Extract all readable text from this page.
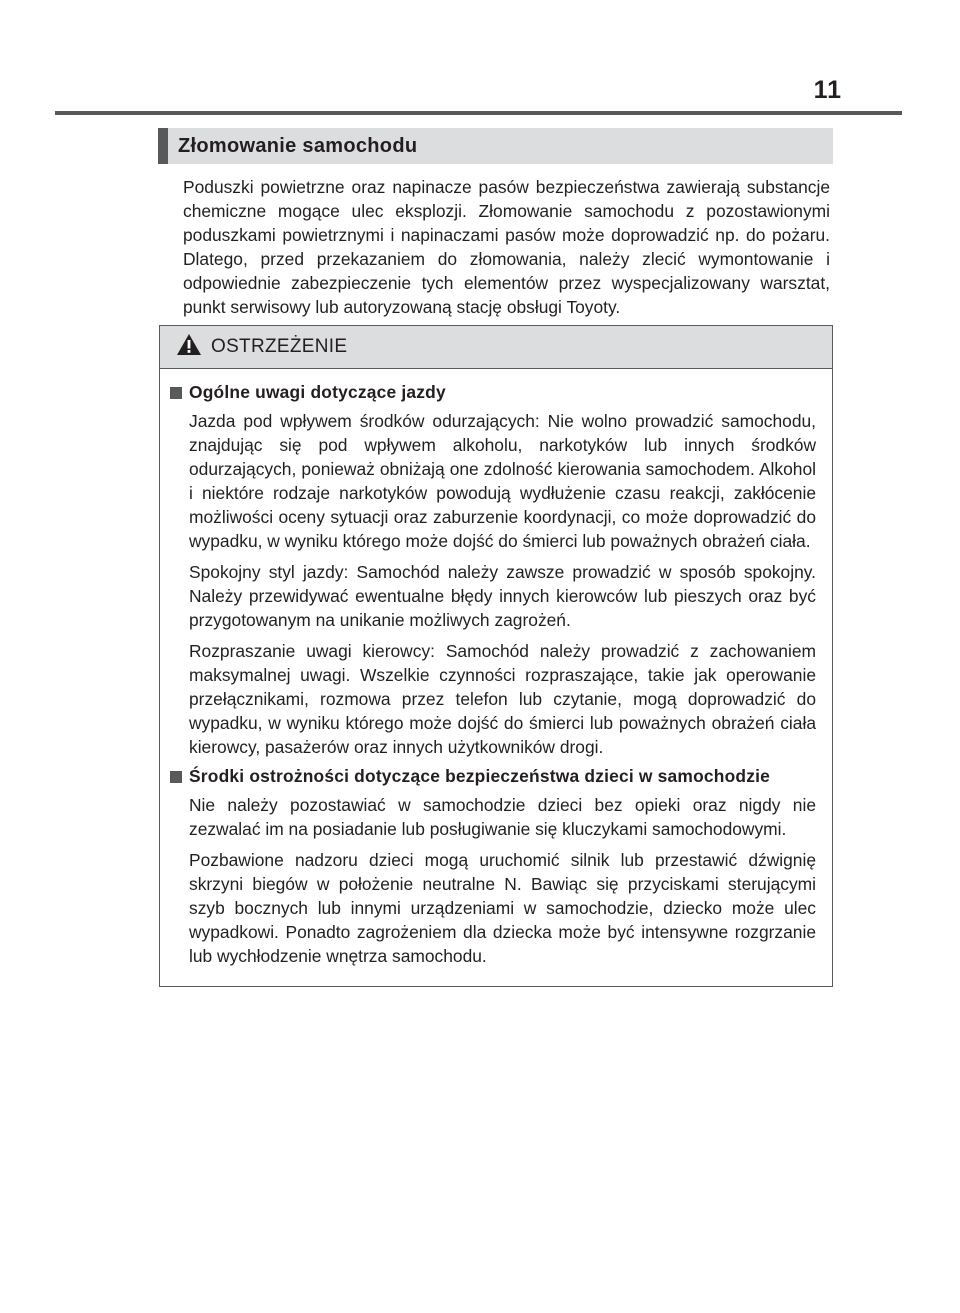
11
Złomowanie samochodu

Poduszki powietrzne oraz napinacze pasów bezpieczeństwa zawierają substancje chemiczne mogące ulec eksplozji. Złomowanie samochodu z pozostawionymi poduszkami powietrznymi i napinaczami pasów może doprowadzić np. do pożaru. Dlatego, przed przekazaniem do złomowania, należy zlecić wymontowanie i odpowiednie zabezpieczenie tych elementów przez wyspecjalizowany warsztat, punkt serwisowy lub autoryzowaną stację obsługi Toyoty.

OSTRZEŻENIE
Ogólne uwagi dotyczące jazdy

Jazda pod wpływem środków odurzających: Nie wolno prowadzić samochodu, znajdując się pod wpływem alkoholu, narkotyków lub innych środków odurzających, ponieważ obniżają one zdolność kierowania samochodem. Alkohol i niektóre rodzaje narkotyków powodują wydłużenie czasu reakcji, zakłócenie możliwości oceny sytuacji oraz zaburzenie koordynacji, co może doprowadzić do wypadku, w wyniku którego może dojść do śmierci lub poważnych obrażeń ciała.

Spokojny styl jazdy: Samochód należy zawsze prowadzić w sposób spokojny. Należy przewidywać ewentualne błędy innych kierowców lub pieszych oraz być przygotowanym na unikanie możliwych zagrożeń.

Rozpraszanie uwagi kierowcy: Samochód należy prowadzić z zachowaniem maksymalnej uwagi. Wszelkie czynności rozpraszające, takie jak operowanie przełącznikami, rozmowa przez telefon lub czytanie, mogą doprowadzić do wypadku, w wyniku którego może dojść do śmierci lub poważnych obrażeń ciała kierowcy, pasażerów oraz innych użytkowników drogi.

Środki ostrożności dotyczące bezpieczeństwa dzieci w samochodzie

Nie należy pozostawiać w samochodzie dzieci bez opieki oraz nigdy nie zezwalać im na posiadanie lub posługiwanie się kluczykami samochodowymi.

Pozbawione nadzoru dzieci mogą uruchomić silnik lub przestawić dźwignię skrzyni biegów w położenie neutralne N. Bawiąc się przyciskami sterującymi szyb bocznych lub innymi urządzeniami w samochodzie, dziecko może ulec wypadkowi. Ponadto zagrożeniem dla dziecka może być intensywne rozgrzanie lub wychłodzenie wnętrza samochodu.
